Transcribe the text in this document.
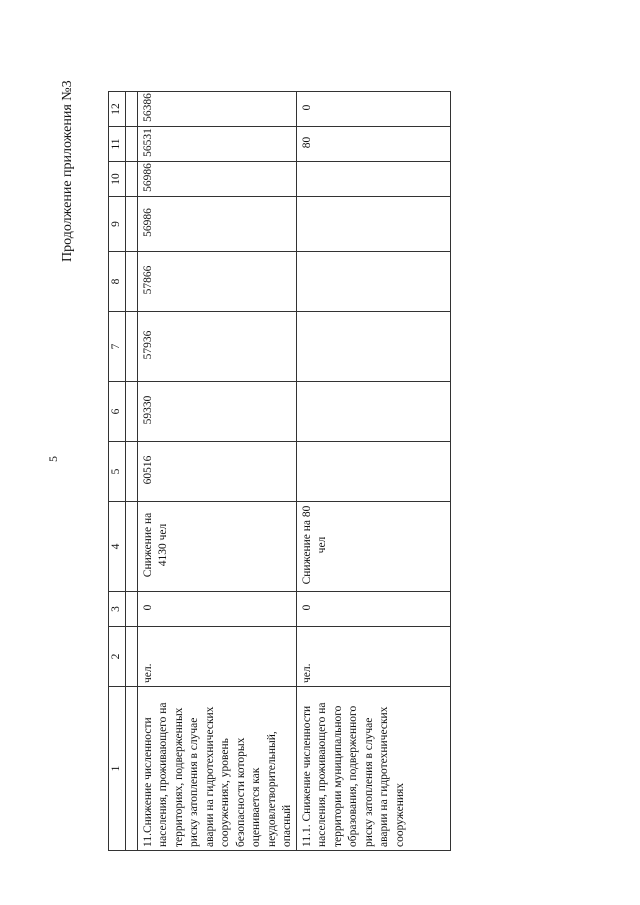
5
Продолжение приложения №3
1	2	3	4	5	6	7	8	9	10	11	12

11.Снижение численности населения, проживающего на территориях, подверженных риску затопления в случае аварии на гидротехнических сооружениях, уровень безопасности которых оценивается как неудовлетворительный, опасный	чел.	0	Снижение на 4130 чел	60516	59330	57936	57866	56986	56986	56531	56386
11.1. Снижение численности населения, проживающего на территории муниципального образования, подверженного риску затопления в случае аварии на гидротехнических сооружениях	чел.	0	Снижение на 80 чел							80	0
